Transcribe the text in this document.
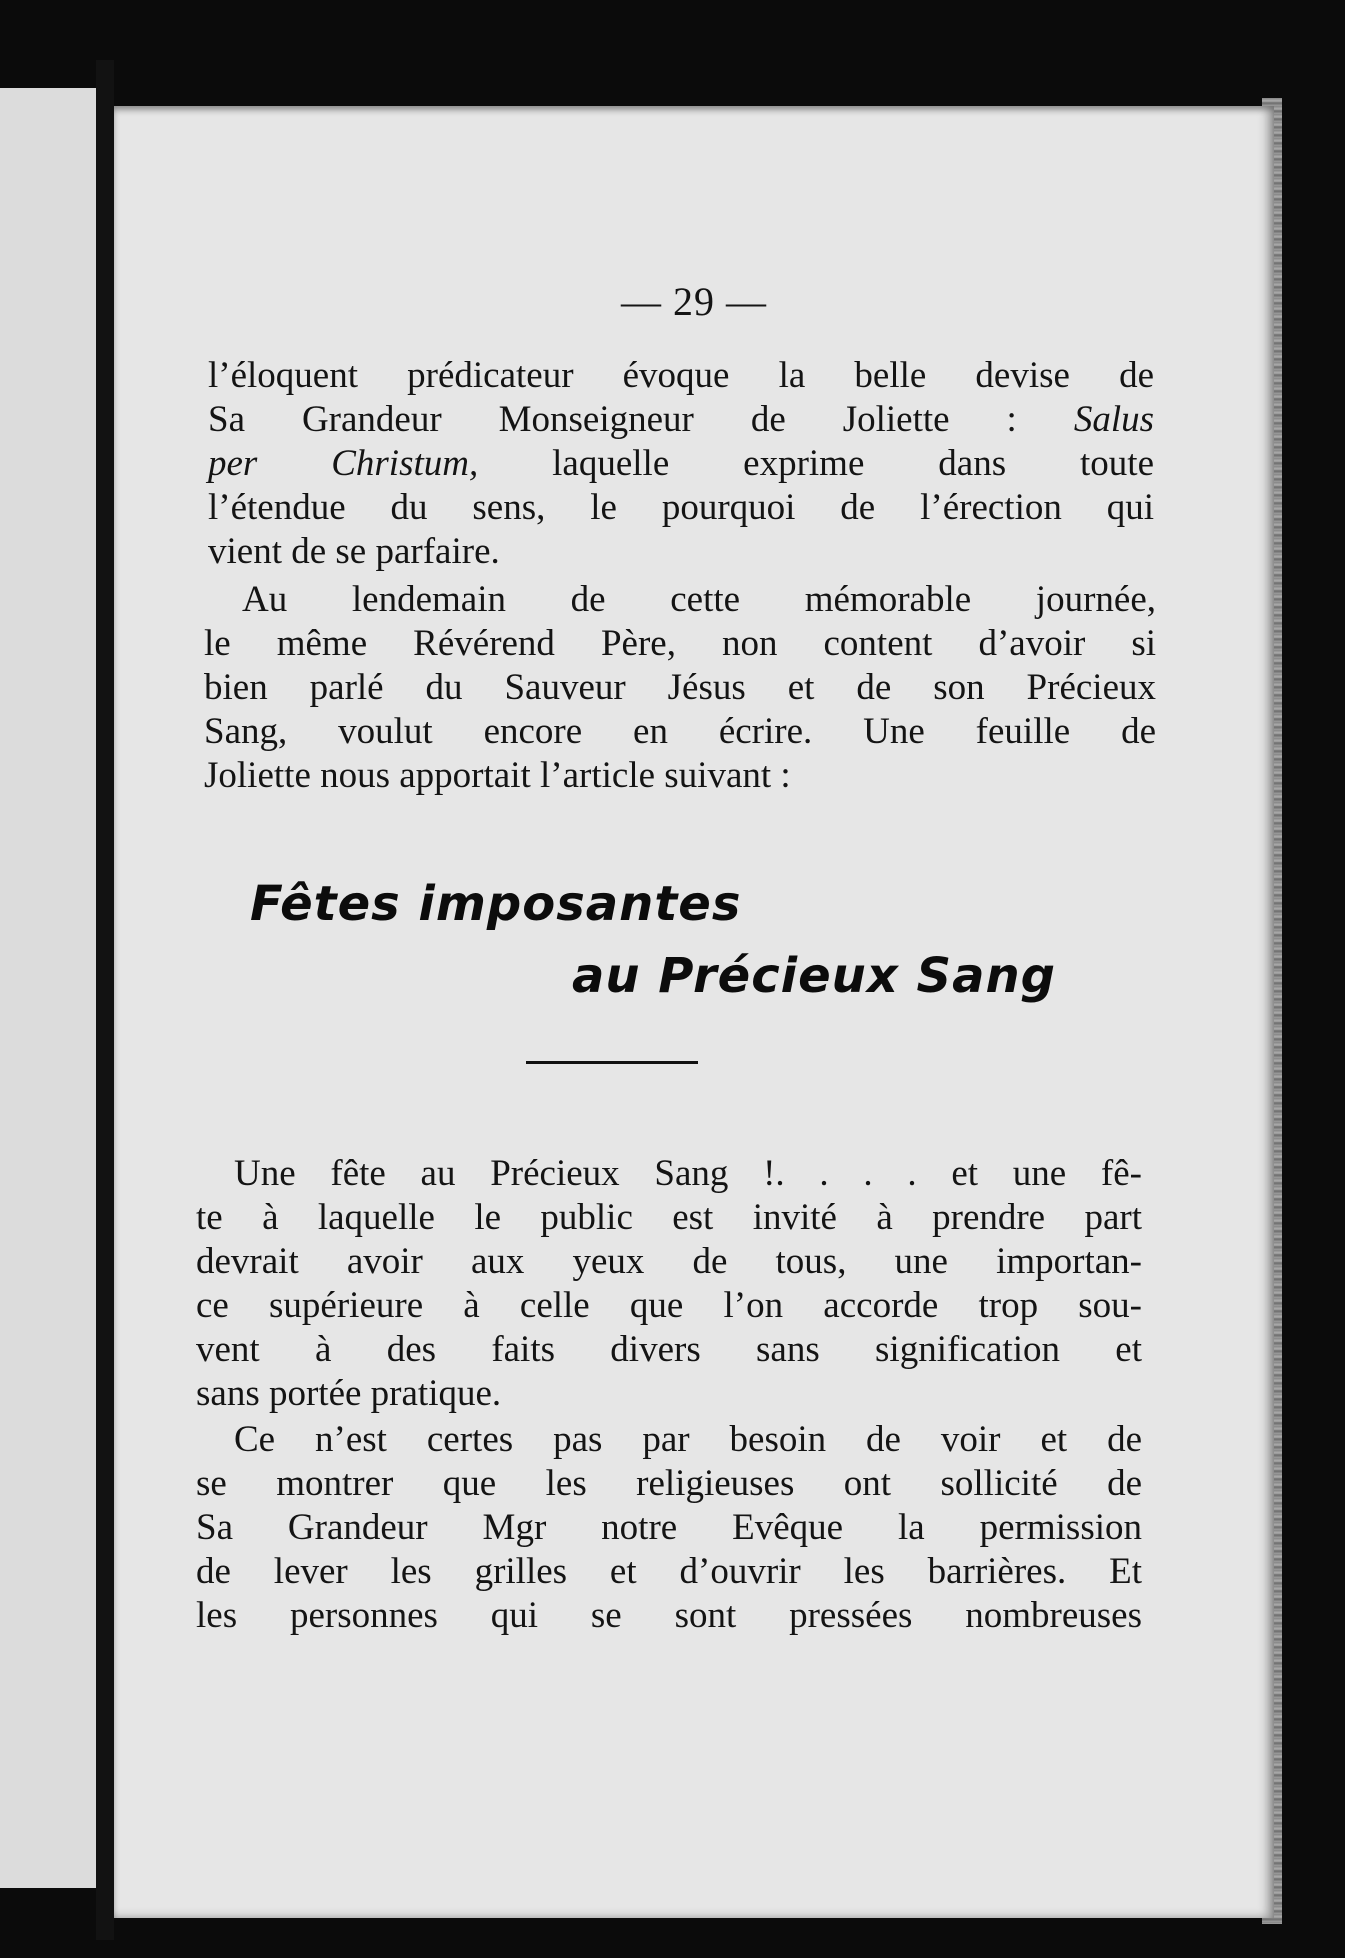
— 29 —
l’éloquent prédicateur évoque la belle devise de
Sa Grandeur Monseigneur de Joliette : Salus
per Christum, laquelle exprime dans toute
l’étendue du sens, le pourquoi de l’érection qui
vient de se parfaire.
Au lendemain de cette mémorable journée,
le même Révérend Père, non content d’avoir si
bien parlé du Sauveur Jésus et de son Précieux
Sang, voulut encore en écrire. Une feuille de
Joliette nous apportait l’article suivant :
Fêtes imposantes
au Précieux Sang
Une fête au Précieux Sang !. . . . et une fê-
te à laquelle le public est invité à prendre part
devrait avoir aux yeux de tous, une importan-
ce supérieure à celle que l’on accorde trop sou-
vent à des faits divers sans signification et
sans portée pratique.
Ce n’est certes pas par besoin de voir et de
se montrer que les religieuses ont sollicité de
Sa Grandeur Mgr notre Evêque la permission
de lever les grilles et d’ouvrir les barrières. Et
les personnes qui se sont pressées nombreuses
